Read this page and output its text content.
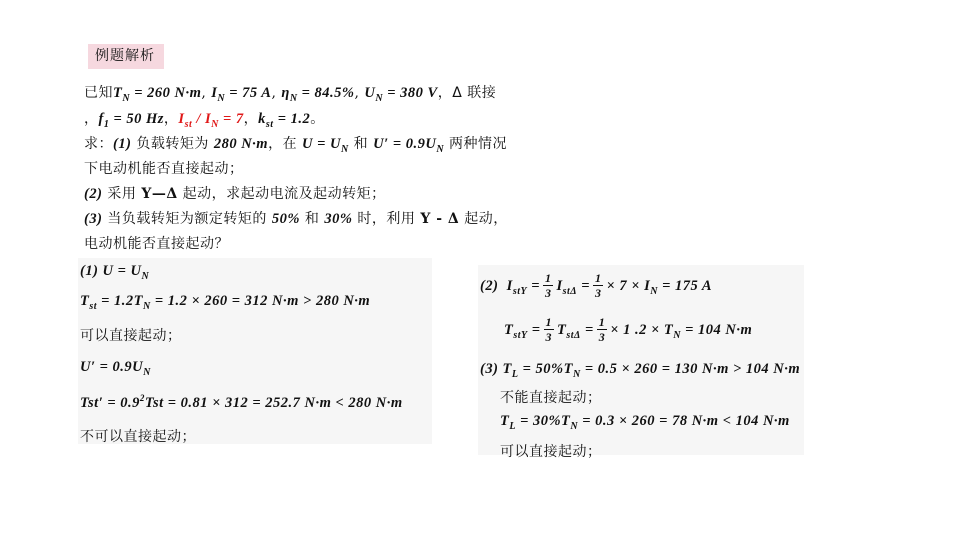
例题解析
已知$T_N = 260$ N·m, $I_N = 75$ A, $\eta_N = 84.5\%$, $U_N = 380$ V，Δ 联接
，$f_1 = 50$ Hz，$I_{st} / I_N = 7$，$k_{st} = 1.2$。
求：(1) 负载转矩为 280 N·m，在 $U = U_N$ 和 $U' = 0.9U_N$ 两种情况
下电动机能否直接起动；
(2) 采用 Y—Δ 起动，求起动电流及起动转矩；
(3) 当负载转矩为额定转矩的 50% 和 30% 时，利用 Y - Δ 起动，
电动机能否直接起动？
(1) $U = U_N$
$T_{st} = 1.2T_N = 1.2 \times 260 = 312$ N·m > 280 N·m
可以直接起动；
$U' = 0.9U_N$
$Tst' = 0.9^2Tst = 0.81 \times 312 = 252.7$ N·m < 280 N·m
不可以直接起动；
(2)  $I_{stY} = \frac{1}{3} I_{st\Delta} = \frac{1}{3} \times 7 \times I_N = 175$ A
$T_{stY} = \frac{1}{3} T_{st\Delta} = \frac{1}{3} \times 1$ $.2 \times T_N = 104$ N·m
(3) $T_L = 50\%T_N = 0.5 \times 260 = 130$ N·m > 104 N·m
不能直接起动；
$T_L = 30\%T_N = 0.3 \times 260 = 78$ N·m < 104 N·m
可以直接起动；
